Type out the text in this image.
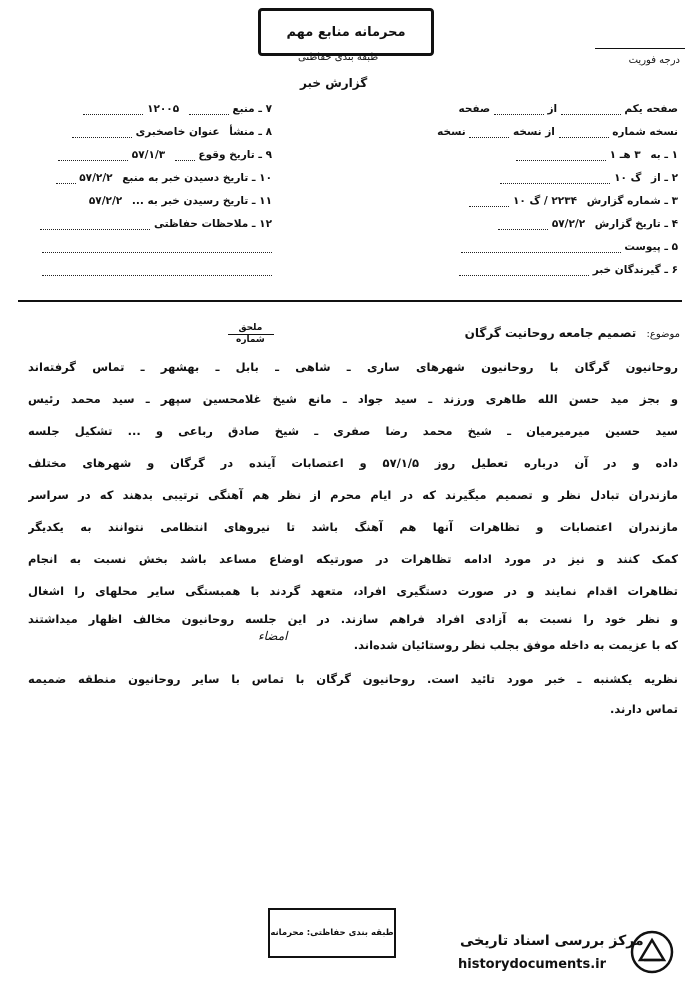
محرمانه منابع مهم
طبقه بندی حفاظتی
گزارش خبر
درجه فوریت
صفحه یکم  از  صفحه
نسخه شماره  از نسخه  نسخه
۱ ـ به ۳ هـ ۱
۲ ـ از گ ۱۰
۳ ـ شماره گزارش ۲۲۳۴ / گ ۱۰
۴ ـ تاریخ گزارش ۵۷/۲/۲
۵ ـ پیوست
۶ ـ گیرندگان خبر
۷ ـ منبع  ۱۲۰۰۵
۸ ـ منشأ عنوان خاصخبری
۹ ـ تاریخ وقوع  ۵۷/۱/۳
۱۰ ـ تاریخ دسیدن خبر به منبع ۵۷/۲/۲
۱۱ ـ تاریخ رسیدن خبر به ... ۵۷/۲/۲
۱۲ ـ ملاحظات حفاظتی
موضوع: تصمیم جامعه روحانیت گرگان
ملحق
شماره
روحانیون گرگان با روحانیون شهرهای ساری ـ شاهی ـ بابل ـ بهشهر ـ تماس گرفته‌اند
و بجز مید حسن الله طاهری ورزند ـ سید جواد ـ مانع شیخ غلامحسین سپهر ـ سید محمد رئیس
سید حسین میرمیرمیان ـ شیخ محمد رضا صفری ـ شیخ صادق رباعی و ... تشکیل جلسه
داده و در آن درباره تعطیل روز ۵۷/۱/۵ و اعتصابات آینده در گرگان و شهرهای مختلف
مازندران تبادل نظر و تصمیم میگیرند که در ایام محرم از نظر هم آهنگی ترتیبی بدهند که در سراسر
مازندران اعتصابات و تظاهرات آنها هم آهنگ باشد تا نیروهای انتظامی نتوانند به یکدیگر
کمک کنند و نیز در مورد ادامه تظاهرات در صورتیکه اوضاع مساعد باشد بخش نسبت به انجام
تظاهرات اقدام نمایند و در صورت دستگیری افراد، متعهد گردند با همبستگی سایر محلهای را اشغال
و نظر خود را نسبت به آزادی افراد فراهم سازند. در این جلسه روحانیون مخالف اظهار میداشتند
که با عزیمت به داخله موفق بجلب نظر روستائیان شده‌اند.
امضاء
نظریه یکشنبه ـ خبر مورد تائید است. روحانیون گرگان با تماس با سایر روحانیون منطقه ضمیمه
تماس دارند.
طبقه بندی حفاظتی: محرمانه	مرکز بررسی اسناد تاریخی
historydocuments.ir
